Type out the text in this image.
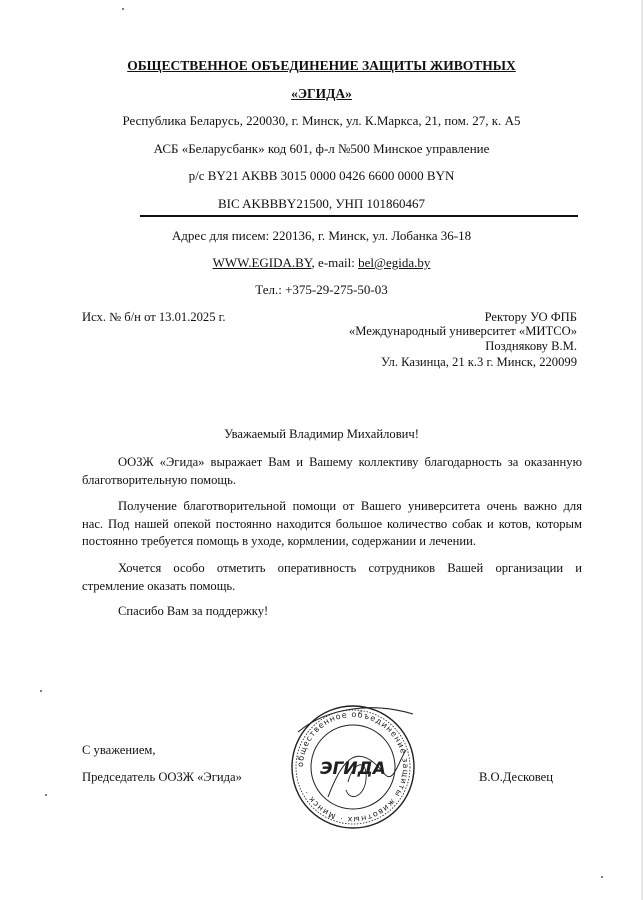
ОБЩЕСТВЕННОЕ ОБЪЕДИНЕНИЕ ЗАЩИТЫ ЖИВОТНЫХ
«ЭГИДА»
Республика Беларусь, 220030, г. Минск, ул. К.Маркса, 21, пом. 27, к. А5
АСБ «Беларусбанк» код 601, ф-л №500 Минское управление
р/с BY21 AKBB 3015 0000 0426 6600 0000 BYN
BIC AKBBBY21500, УНП 101860467
Адрес для писем: 220136, г. Минск, ул. Лобанка 36-18
WWW.EGIDA.BY, e-mail: bel@egida.by
Тел.: +375-29-275-50-03
Исх. № б/н от 13.01.2025 г.	Ректору УО ФПБ
«Международный университет «МИТСО»
Позднякову В.М.
Ул. Казинца, 21 к.3 г. Минск, 220099
Уважаемый Владимир Михайлович!
ООЗЖ «Эгида» выражает Вам и Вашему коллективу благодарность за оказанную
благотворительную помощь.
Получение благотворительной помощи от Вашего университета очень важно для
нас. Под нашей опекой постоянно находится большое количество собак и котов, которым
постоянно требуется помощь в уходе, кормлении, содержании и лечении.
Хочется особо отметить оперативность сотрудников Вашей организации и
стремление оказать помощь.
Спасибо Вам за поддержку!
С уважением,
Председатель ООЗЖ «Эгида»	В.О.Десковец
общественное объединение защиты животных · Минск ·
ЭГИДА
